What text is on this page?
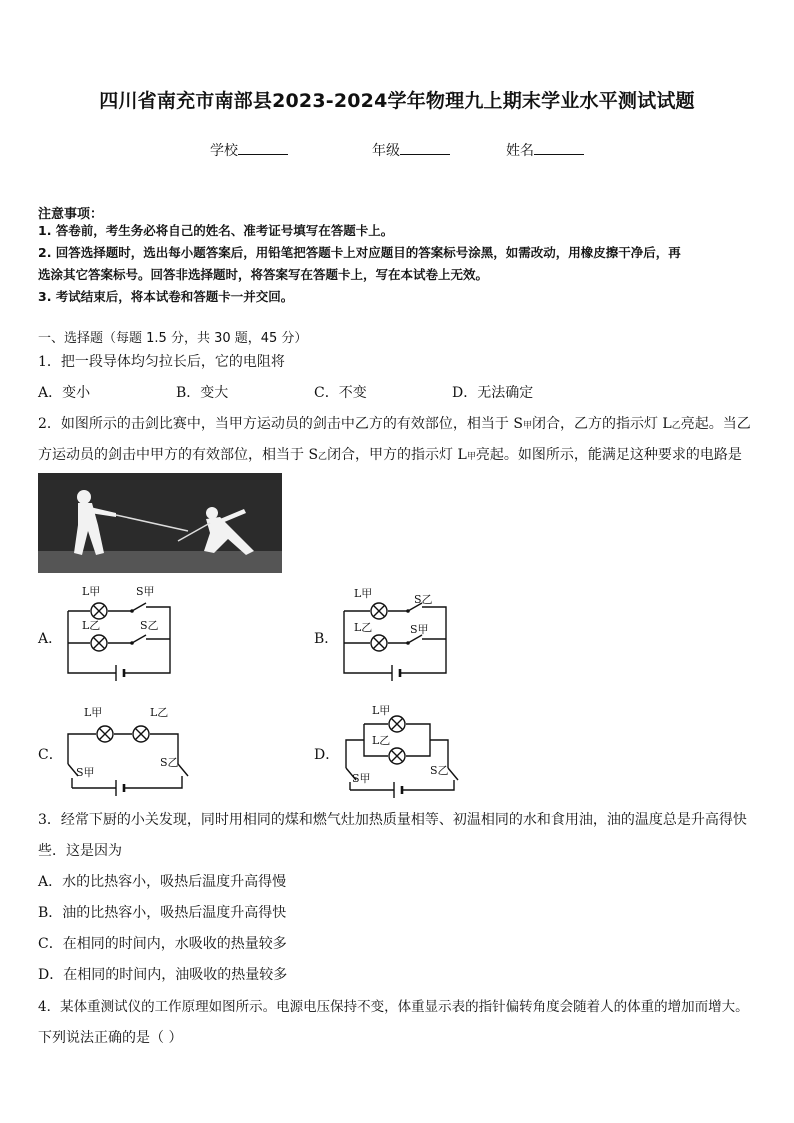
四川省南充市南部县2023-2024学年物理九上期末学业水平测试试题
学校	年级	姓名
注意事项：
1. 答卷前，考生务必将自己的姓名、准考证号填写在答题卡上。
2. 回答选择题时，选出每小题答案后，用铅笔把答题卡上对应题目的答案标号涂黑，如需改动，用橡皮擦干净后，再
选涂其它答案标号。回答非选择题时，将答案写在答题卡上，写在本试卷上无效。
3. 考试结束后，将本试卷和答题卡一并交回。
一、选择题（每题 1.5 分，共 30 题，45 分）
1．把一段导体均匀拉长后，它的电阻将
A．变小	B．变大	C．不变	D．无法确定
2．如图所示的击剑比赛中，当甲方运动员的剑击中乙方的有效部位，相当于 S甲闭合，乙方的指示灯 L乙亮起。当乙
方运动员的剑击中甲方的有效部位，相当于 S乙闭合，甲方的指示灯 L甲亮起。如图所示，能满足这种要求的电路是
A．	B．
C．	D．
L甲	S甲
L乙	S乙
L甲	S乙
L乙	S甲
L甲	L乙
S甲
S乙
L甲
L乙
S甲
S乙
3．经常下厨的小关发现，同时用相同的煤和燃气灶加热质量相等、初温相同的水和食用油，油的温度总是升高得快
些．这是因为
A．水的比热容小，吸热后温度升高得慢
B．油的比热容小，吸热后温度升高得快
C．在相同的时间内，水吸收的热量较多
D．在相同的时间内，油吸收的热量较多
4．某体重测试仪的工作原理如图所示。电源电压保持不变，体重显示表的指针偏转角度会随着人的体重的增加而增大。
下列说法正确的是（ ）
